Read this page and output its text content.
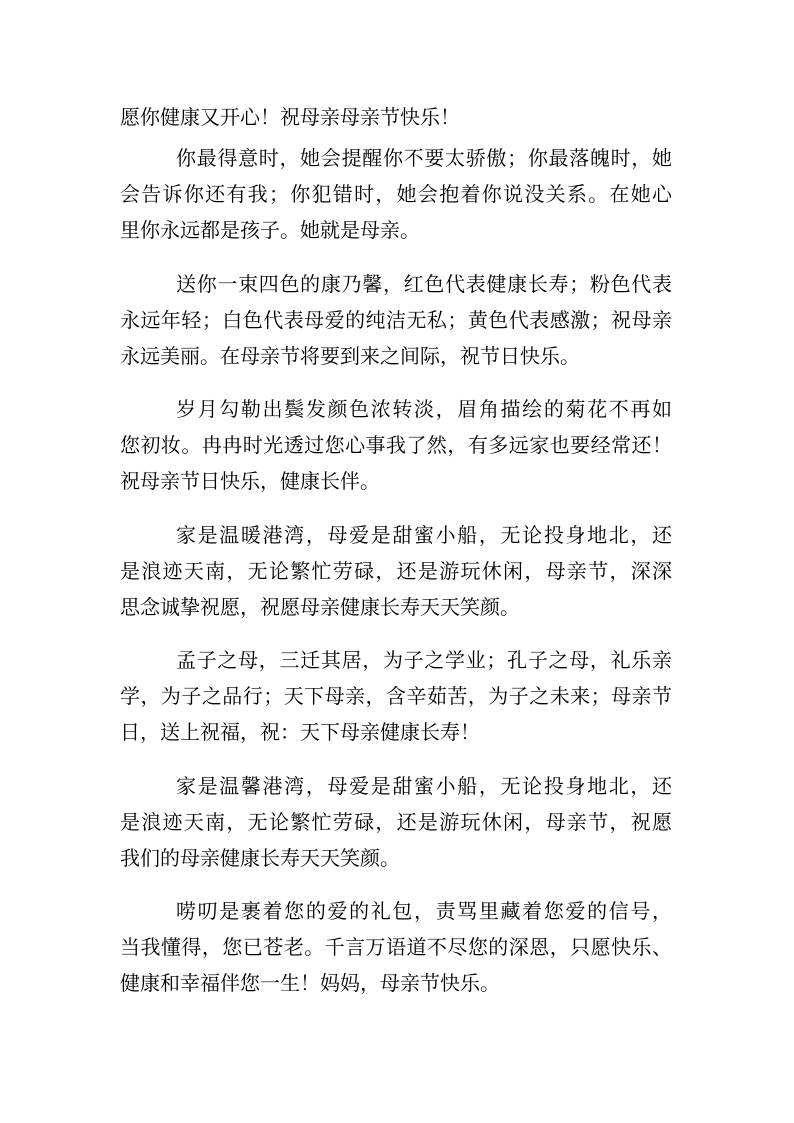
愿你健康又开心！祝母亲母亲节快乐！
你最得意时，她会提醒你不要太骄傲；你最落魄时，她
会告诉你还有我；你犯错时，她会抱着你说没关系。在她心
里你永远都是孩子。她就是母亲。
送你一束四色的康乃馨，红色代表健康长寿；粉色代表
永远年轻；白色代表母爱的纯洁无私；黄色代表感激；祝母亲
永远美丽。在母亲节将要到来之间际，祝节日快乐。
岁月勾勒出鬓发颜色浓转淡，眉角描绘的菊花不再如
您初妆。冉冉时光透过您心事我了然，有多远家也要经常还！
祝母亲节日快乐，健康长伴。
家是温暖港湾，母爱是甜蜜小船，无论投身地北，还
是浪迹天南，无论繁忙劳碌，还是游玩休闲，母亲节，深深
思念诚挚祝愿，祝愿母亲健康长寿天天笑颜。
孟子之母，三迁其居，为子之学业；孔子之母，礼乐亲
学，为子之品行；天下母亲，含辛茹苦，为子之未来；母亲节
日，送上祝福，祝：天下母亲健康长寿！
家是温馨港湾，母爱是甜蜜小船，无论投身地北，还
是浪迹天南，无论繁忙劳碌，还是游玩休闲，母亲节，祝愿
我们的母亲健康长寿天天笑颜。
唠叨是裹着您的爱的礼包，责骂里藏着您爱的信号，
当我懂得，您已苍老。千言万语道不尽您的深恩，只愿快乐、
健康和幸福伴您一生！妈妈，母亲节快乐。
